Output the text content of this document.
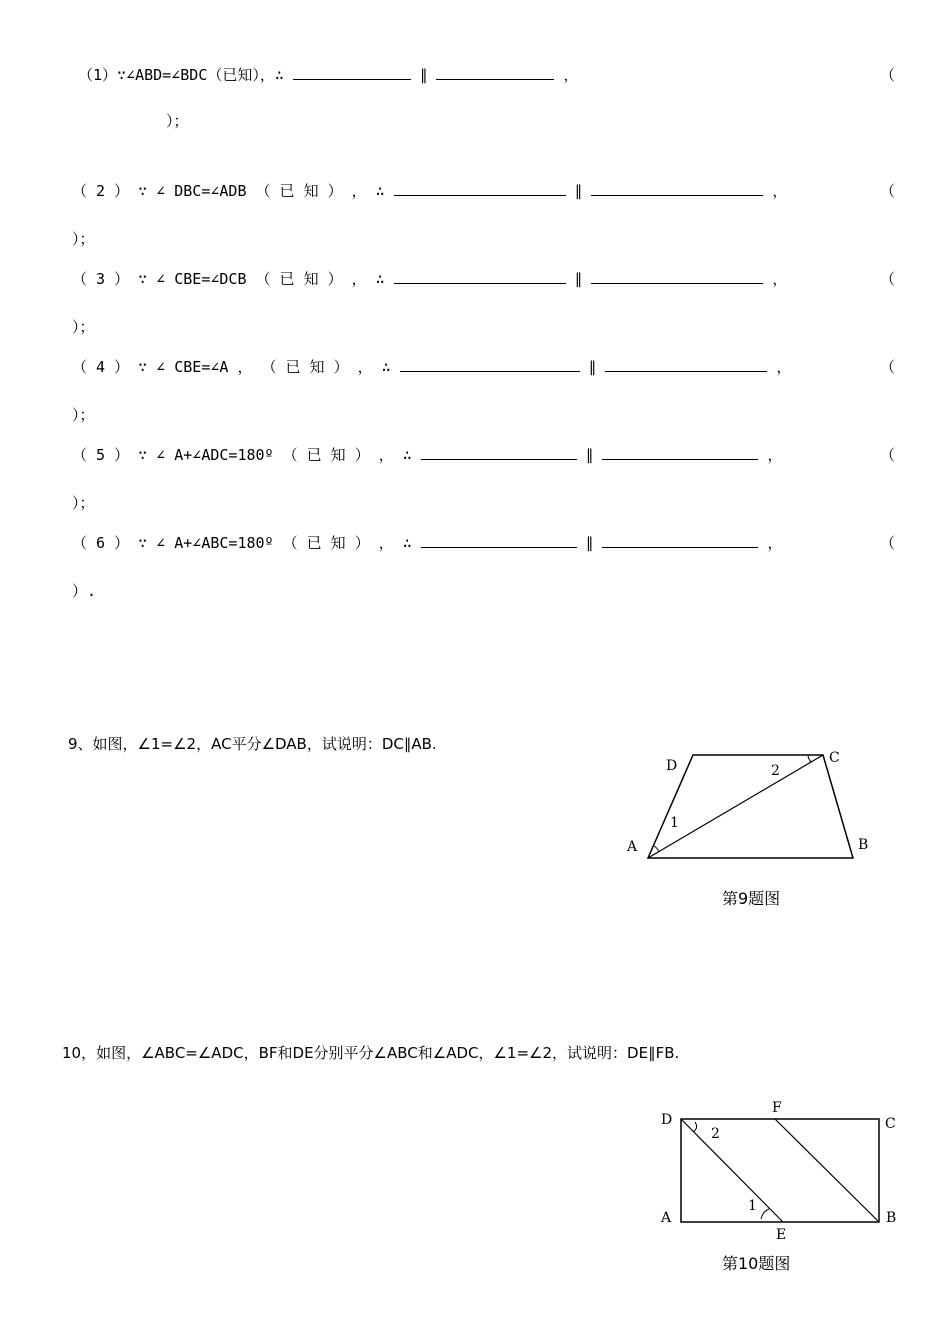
（1）∵∠ABD=∠BDC（已知），∴	∥	，	（
）；
（ 2 ） ∵ ∠ DBC=∠ADB （ 已 知 ） ， ∴	∥	，	（
）；
（ 3 ） ∵ ∠ CBE=∠DCB （ 已 知 ） ， ∴	∥	，	（
）；
（ 4 ） ∵ ∠ CBE=∠A ， （ 已 知 ） ， ∴	∥	，	（
）；
（ 5 ） ∵ ∠ A+∠ADC=180º （ 已 知 ） ， ∴	∥	，	（
）；
（ 6 ） ∵ ∠ A+∠ABC=180º （ 已 知 ） ， ∴	∥	，	（
）.
9、如图，∠1=∠2，AC平分∠DAB，试说明：DC∥AB.
D	C
A	B
1
2
第9题图
10，如图，∠ABC=∠ADC，BF和DE分别平分∠ABC和∠ADC，∠1=∠2，试说明：DE∥FB.
D
F
C
A	B
E
1
2
第10题图
